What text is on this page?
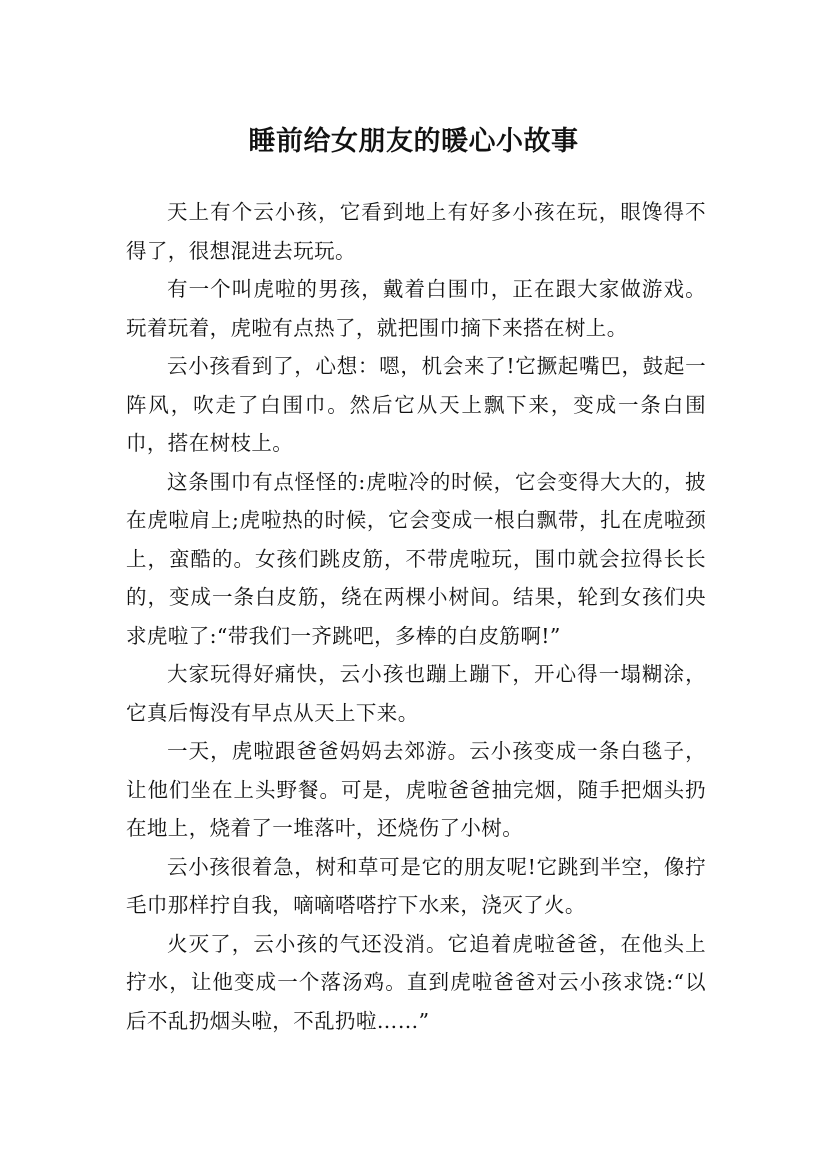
睡前给女朋友的暖心小故事

天上有个云小孩，它看到地上有好多小孩在玩，眼馋得不得了，很想混进去玩玩。

有一个叫虎啦的男孩，戴着白围巾，正在跟大家做游戏。玩着玩着，虎啦有点热了，就把围巾摘下来搭在树上。

云小孩看到了，心想：嗯，机会来了!它撅起嘴巴，鼓起一阵风，吹走了白围巾。然后它从天上飘下来，变成一条白围巾，搭在树枝上。

这条围巾有点怪怪的:虎啦冷的时候，它会变得大大的，披在虎啦肩上;虎啦热的时候，它会变成一根白飘带，扎在虎啦颈上，蛮酷的。女孩们跳皮筋，不带虎啦玩，围巾就会拉得长长的，变成一条白皮筋，绕在两棵小树间。结果，轮到女孩们央求虎啦了:“带我们一齐跳吧，多棒的白皮筋啊!”

大家玩得好痛快，云小孩也蹦上蹦下，开心得一塌糊涂，它真后悔没有早点从天上下来。

一天，虎啦跟爸爸妈妈去郊游。云小孩变成一条白毯子，让他们坐在上头野餐。可是，虎啦爸爸抽完烟，随手把烟头扔在地上，烧着了一堆落叶，还烧伤了小树。

云小孩很着急，树和草可是它的朋友呢!它跳到半空，像拧毛巾那样拧自我，嘀嘀嗒嗒拧下水来，浇灭了火。

火灭了，云小孩的气还没消。它追着虎啦爸爸，在他头上拧水，让他变成一个落汤鸡。直到虎啦爸爸对云小孩求饶:“以后不乱扔烟头啦，不乱扔啦……”
